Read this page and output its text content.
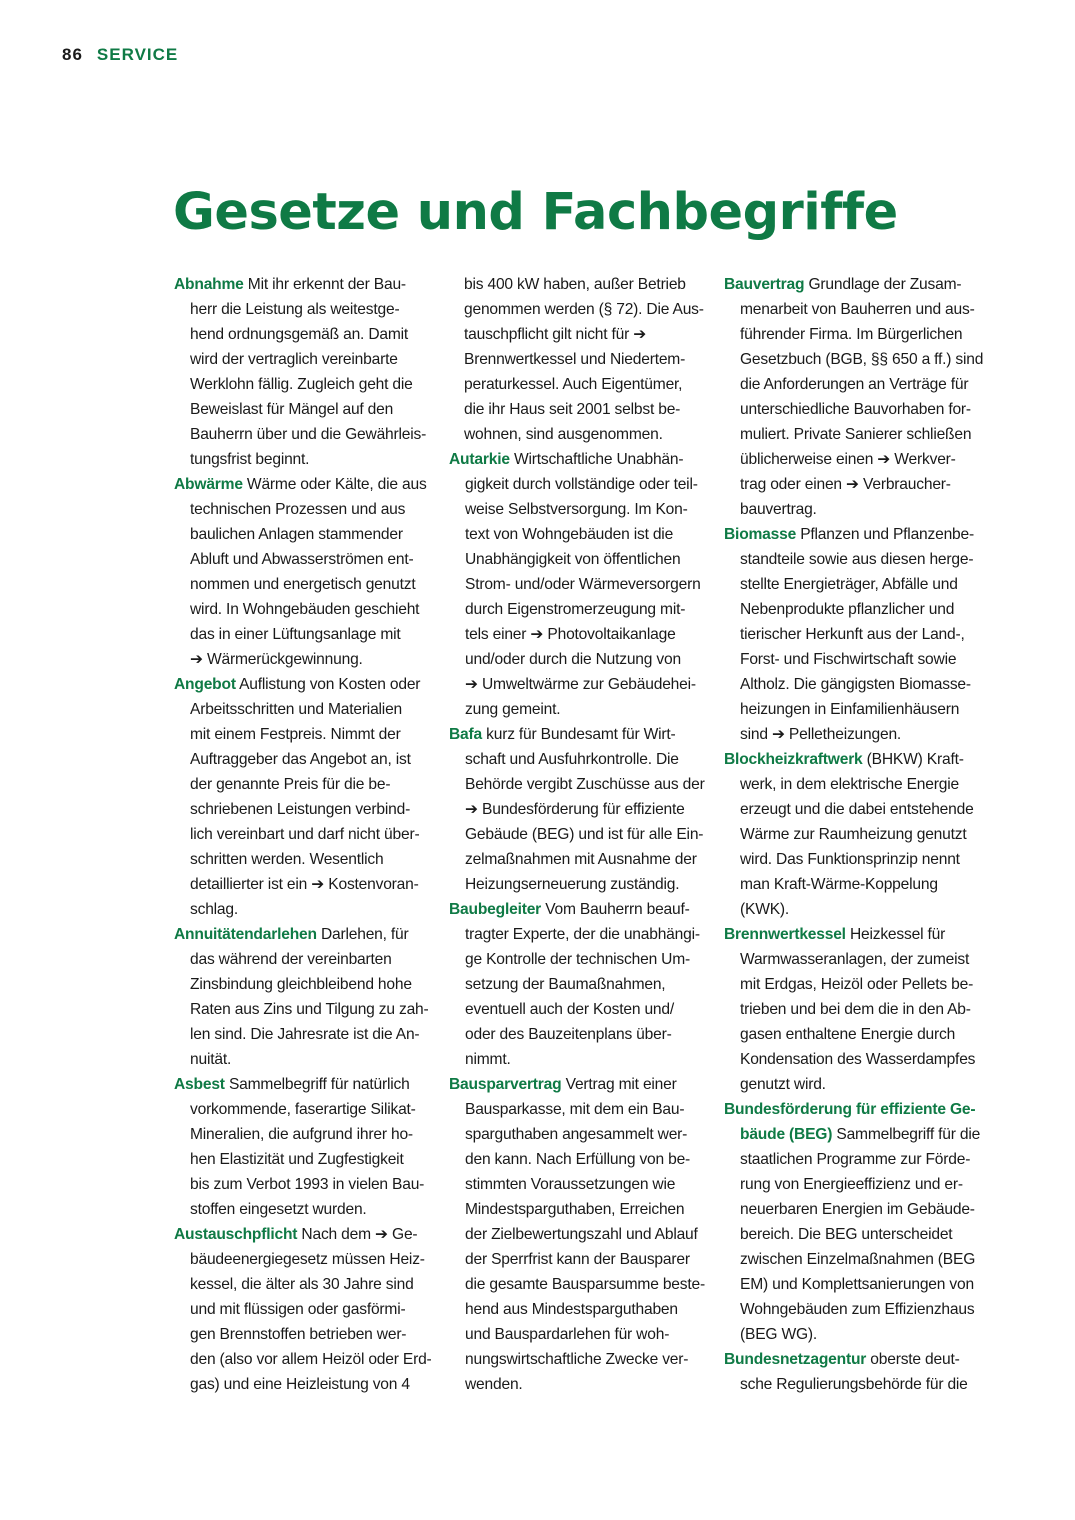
86 SERVICE
Gesetze und Fachbegriffe
Abnahme Mit ihr erkennt der Bau-
herr die Leistung als weitestge-
hend ordnungsgemäß an. Damit
wird der vertraglich vereinbarte
Werklohn fällig. Zugleich geht die
Beweislast für Mängel auf den
Bauherrn über und die Gewährleis-
tungsfrist beginnt.
Abwärme Wärme oder Kälte, die aus
technischen Prozessen und aus
baulichen Anlagen stammender
Abluft und Abwasserströmen ent-
nommen und energetisch genutzt
wird. In Wohngebäuden geschieht
das in einer Lüftungsanlage mit
➔ Wärmerückgewinnung.
Angebot Auflistung von Kosten oder
Arbeitsschritten und Materialien
mit einem Festpreis. Nimmt der
Auftraggeber das Angebot an, ist
der genannte Preis für die be-
schriebenen Leistungen verbind-
lich vereinbart und darf nicht über-
schritten werden. Wesentlich
detaillierter ist ein ➔ Kostenvoran-
schlag.
Annuitätendarlehen Darlehen, für
das während der vereinbarten
Zinsbindung gleichbleibend hohe
Raten aus Zins und Tilgung zu zah-
len sind. Die Jahresrate ist die An-
nuität.
Asbest Sammelbegriff für natürlich
vorkommende, faserartige Silikat-
Mineralien, die aufgrund ihrer ho-
hen Elastizität und Zugfestigkeit
bis zum Verbot 1993 in vielen Bau-
stoffen eingesetzt wurden.
Austauschpflicht Nach dem ➔ Ge-
bäudeenergiegesetz müssen Heiz-
kessel, die älter als 30 Jahre sind
und mit flüssigen oder gasförmi-
gen Brennstoffen betrieben wer-
den (also vor allem Heizöl oder Erd-
gas) und eine Heizleistung von 4
bis 400 kW haben, außer Betrieb
genommen werden (§ 72). Die Aus-
tauschpflicht gilt nicht für ➔
Brennwertkessel und Niedertem-
peraturkessel. Auch Eigentümer,
die ihr Haus seit 2001 selbst be-
wohnen, sind ausgenommen.
Autarkie Wirtschaftliche Unabhän-
gigkeit durch vollständige oder teil-
weise Selbstversorgung. Im Kon-
text von Wohngebäuden ist die
Unabhängigkeit von öffentlichen
Strom- und/oder Wärmeversorgern
durch Eigenstromerzeugung mit-
tels einer ➔ Photovoltaikanlage
und/oder durch die Nutzung von
➔ Umweltwärme zur Gebäudehei-
zung gemeint.
Bafa kurz für Bundesamt für Wirt-
schaft und Ausfuhrkontrolle. Die
Behörde vergibt Zuschüsse aus der
➔ Bundesförderung für effiziente
Gebäude (BEG) und ist für alle Ein-
zelmaßnahmen mit Ausnahme der
Heizungserneuerung zuständig.
Baubegleiter Vom Bauherrn beauf-
tragter Experte, der die unabhängi-
ge Kontrolle der technischen Um-
setzung der Baumaßnahmen,
eventuell auch der Kosten und/
oder des Bauzeitenplans über-
nimmt.
Bausparvertrag Vertrag mit einer
Bausparkasse, mit dem ein Bau-
sparguthaben angesammelt wer-
den kann. Nach Erfüllung von be-
stimmten Voraussetzungen wie
Mindestsparguthaben, Erreichen
der Zielbewertungszahl und Ablauf
der Sperrfrist kann der Bausparer
die gesamte Bausparsumme beste-
hend aus Mindestsparguthaben
und Bauspardarlehen für woh-
nungswirtschaftliche Zwecke ver-
wenden.
Bauvertrag Grundlage der Zusam-
menarbeit von Bauherren und aus-
führender Firma. Im Bürgerlichen
Gesetzbuch (BGB, §§ 650 a ff.) sind
die Anforderungen an Verträge für
unterschiedliche Bauvorhaben for-
muliert. Private Sanierer schließen
üblicherweise einen ➔ Werkver-
trag oder einen ➔ Verbraucher-
bauvertrag.
Biomasse Pflanzen und Pflanzenbe-
standteile sowie aus diesen herge-
stellte Energieträger, Abfälle und
Nebenprodukte pflanzlicher und
tierischer Herkunft aus der Land-,
Forst- und Fischwirtschaft sowie
Altholz. Die gängigsten Biomasse-
heizungen in Einfamilienhäusern
sind ➔ Pelletheizungen.
Blockheizkraftwerk (BHKW) Kraft-
werk, in dem elektrische Energie
erzeugt und die dabei entstehende
Wärme zur Raumheizung genutzt
wird. Das Funktionsprinzip nennt
man Kraft-Wärme-Koppelung
(KWK).
Brennwertkessel Heizkessel für
Warmwasseranlagen, der zumeist
mit Erdgas, Heizöl oder Pellets be-
trieben und bei dem die in den Ab-
gasen enthaltene Energie durch
Kondensation des Wasserdampfes
genutzt wird.
Bundesförderung für effiziente Ge-
bäude (BEG) Sammelbegriff für die
staatlichen Programme zur Förde-
rung von Energieeffizienz und er-
neuerbaren Energien im Gebäude-
bereich. Die BEG unterscheidet
zwischen Einzelmaßnahmen (BEG
EM) und Komplettsanierungen von
Wohngebäuden zum Effizienzhaus
(BEG WG).
Bundesnetzagentur oberste deut-
sche Regulierungsbehörde für die
